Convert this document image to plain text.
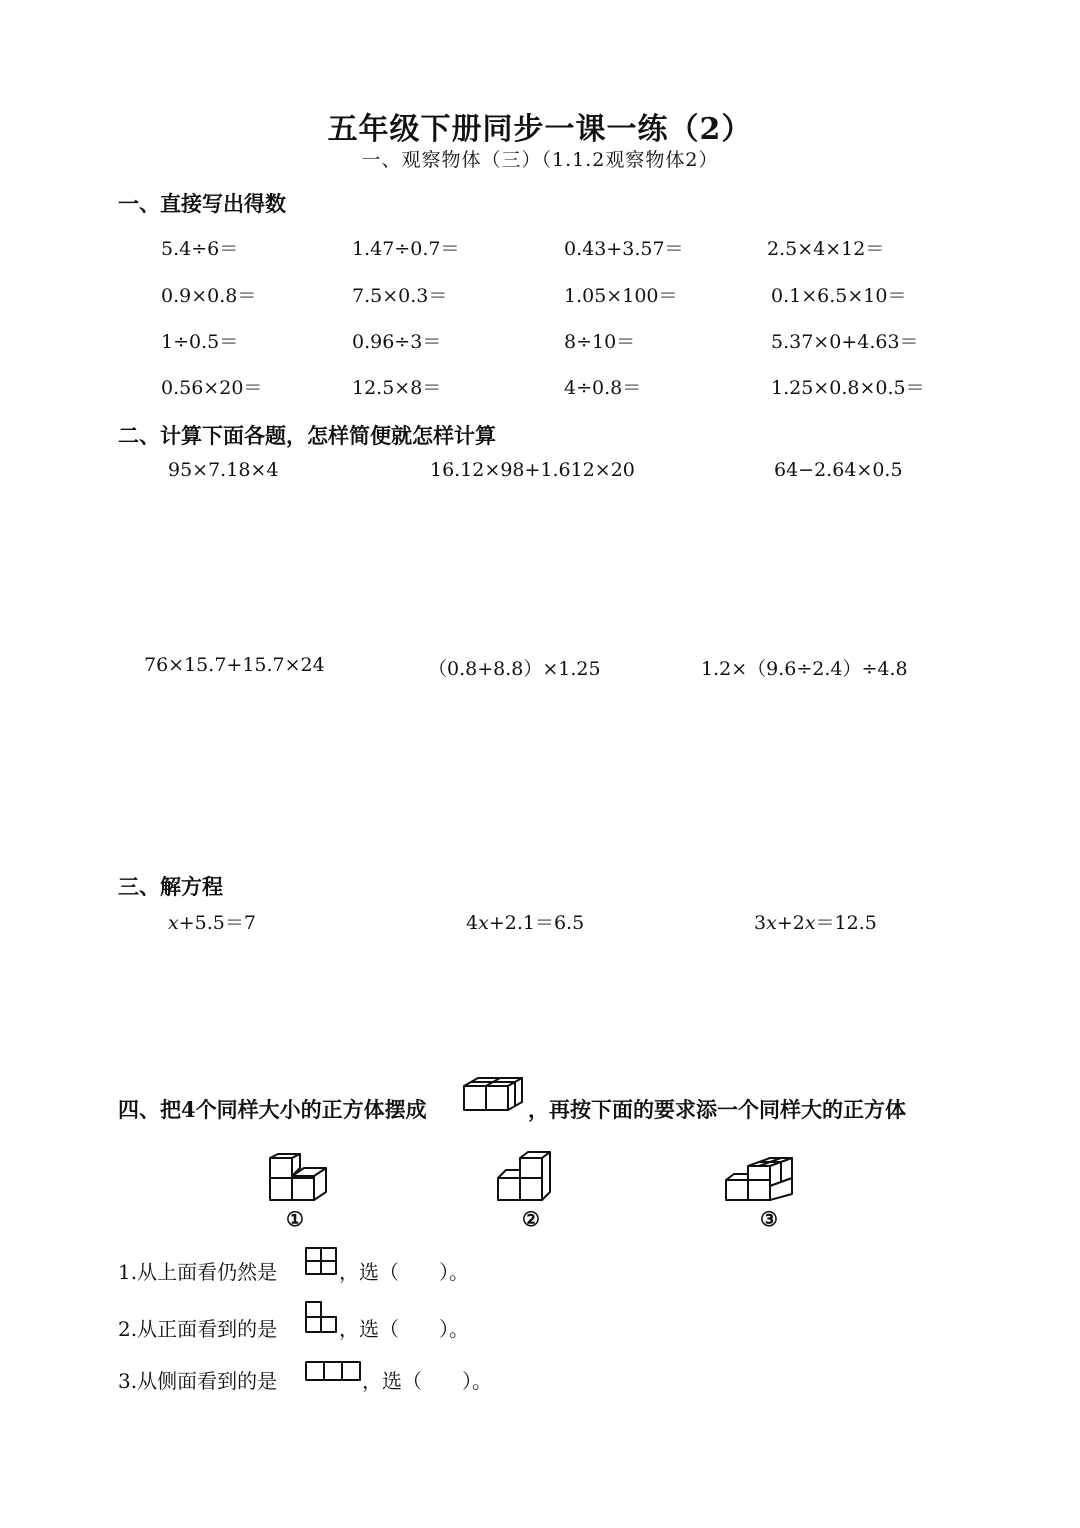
五年级下册同步一课一练（2）
一、观察物体（三）（1.1.2观察物体2）
一、直接写出得数
5.4÷6＝	1.47÷0.7＝	0.43+3.57＝	2.5×4×12＝
0.9×0.8＝	7.5×0.3＝	1.05×100＝	0.1×6.5×10＝
1÷0.5＝	0.96÷3＝	8÷10＝	5.37×0+4.63＝
0.56×20＝	12.5×8＝	4÷0.8＝	1.25×0.8×0.5＝
二、计算下面各题，怎样简便就怎样计算
95×7.18×4	16.12×98+1.612×20	64−2.64×0.5
76×15.7+15.7×24	（0.8+8.8）×1.25	1.2×（9.6÷2.4）÷4.8
三、解方程
x+5.5＝7	4x+2.1＝6.5	3x+2x＝12.5
四、把4个同样大小的正方体摆成	，再按下面的要求添一个同样大的正方体
①	②	③
1.从上面看仍然是	，选（　　）。
2.从正面看到的是	，选（　　）。
3.从侧面看到的是	，选（　　）。
